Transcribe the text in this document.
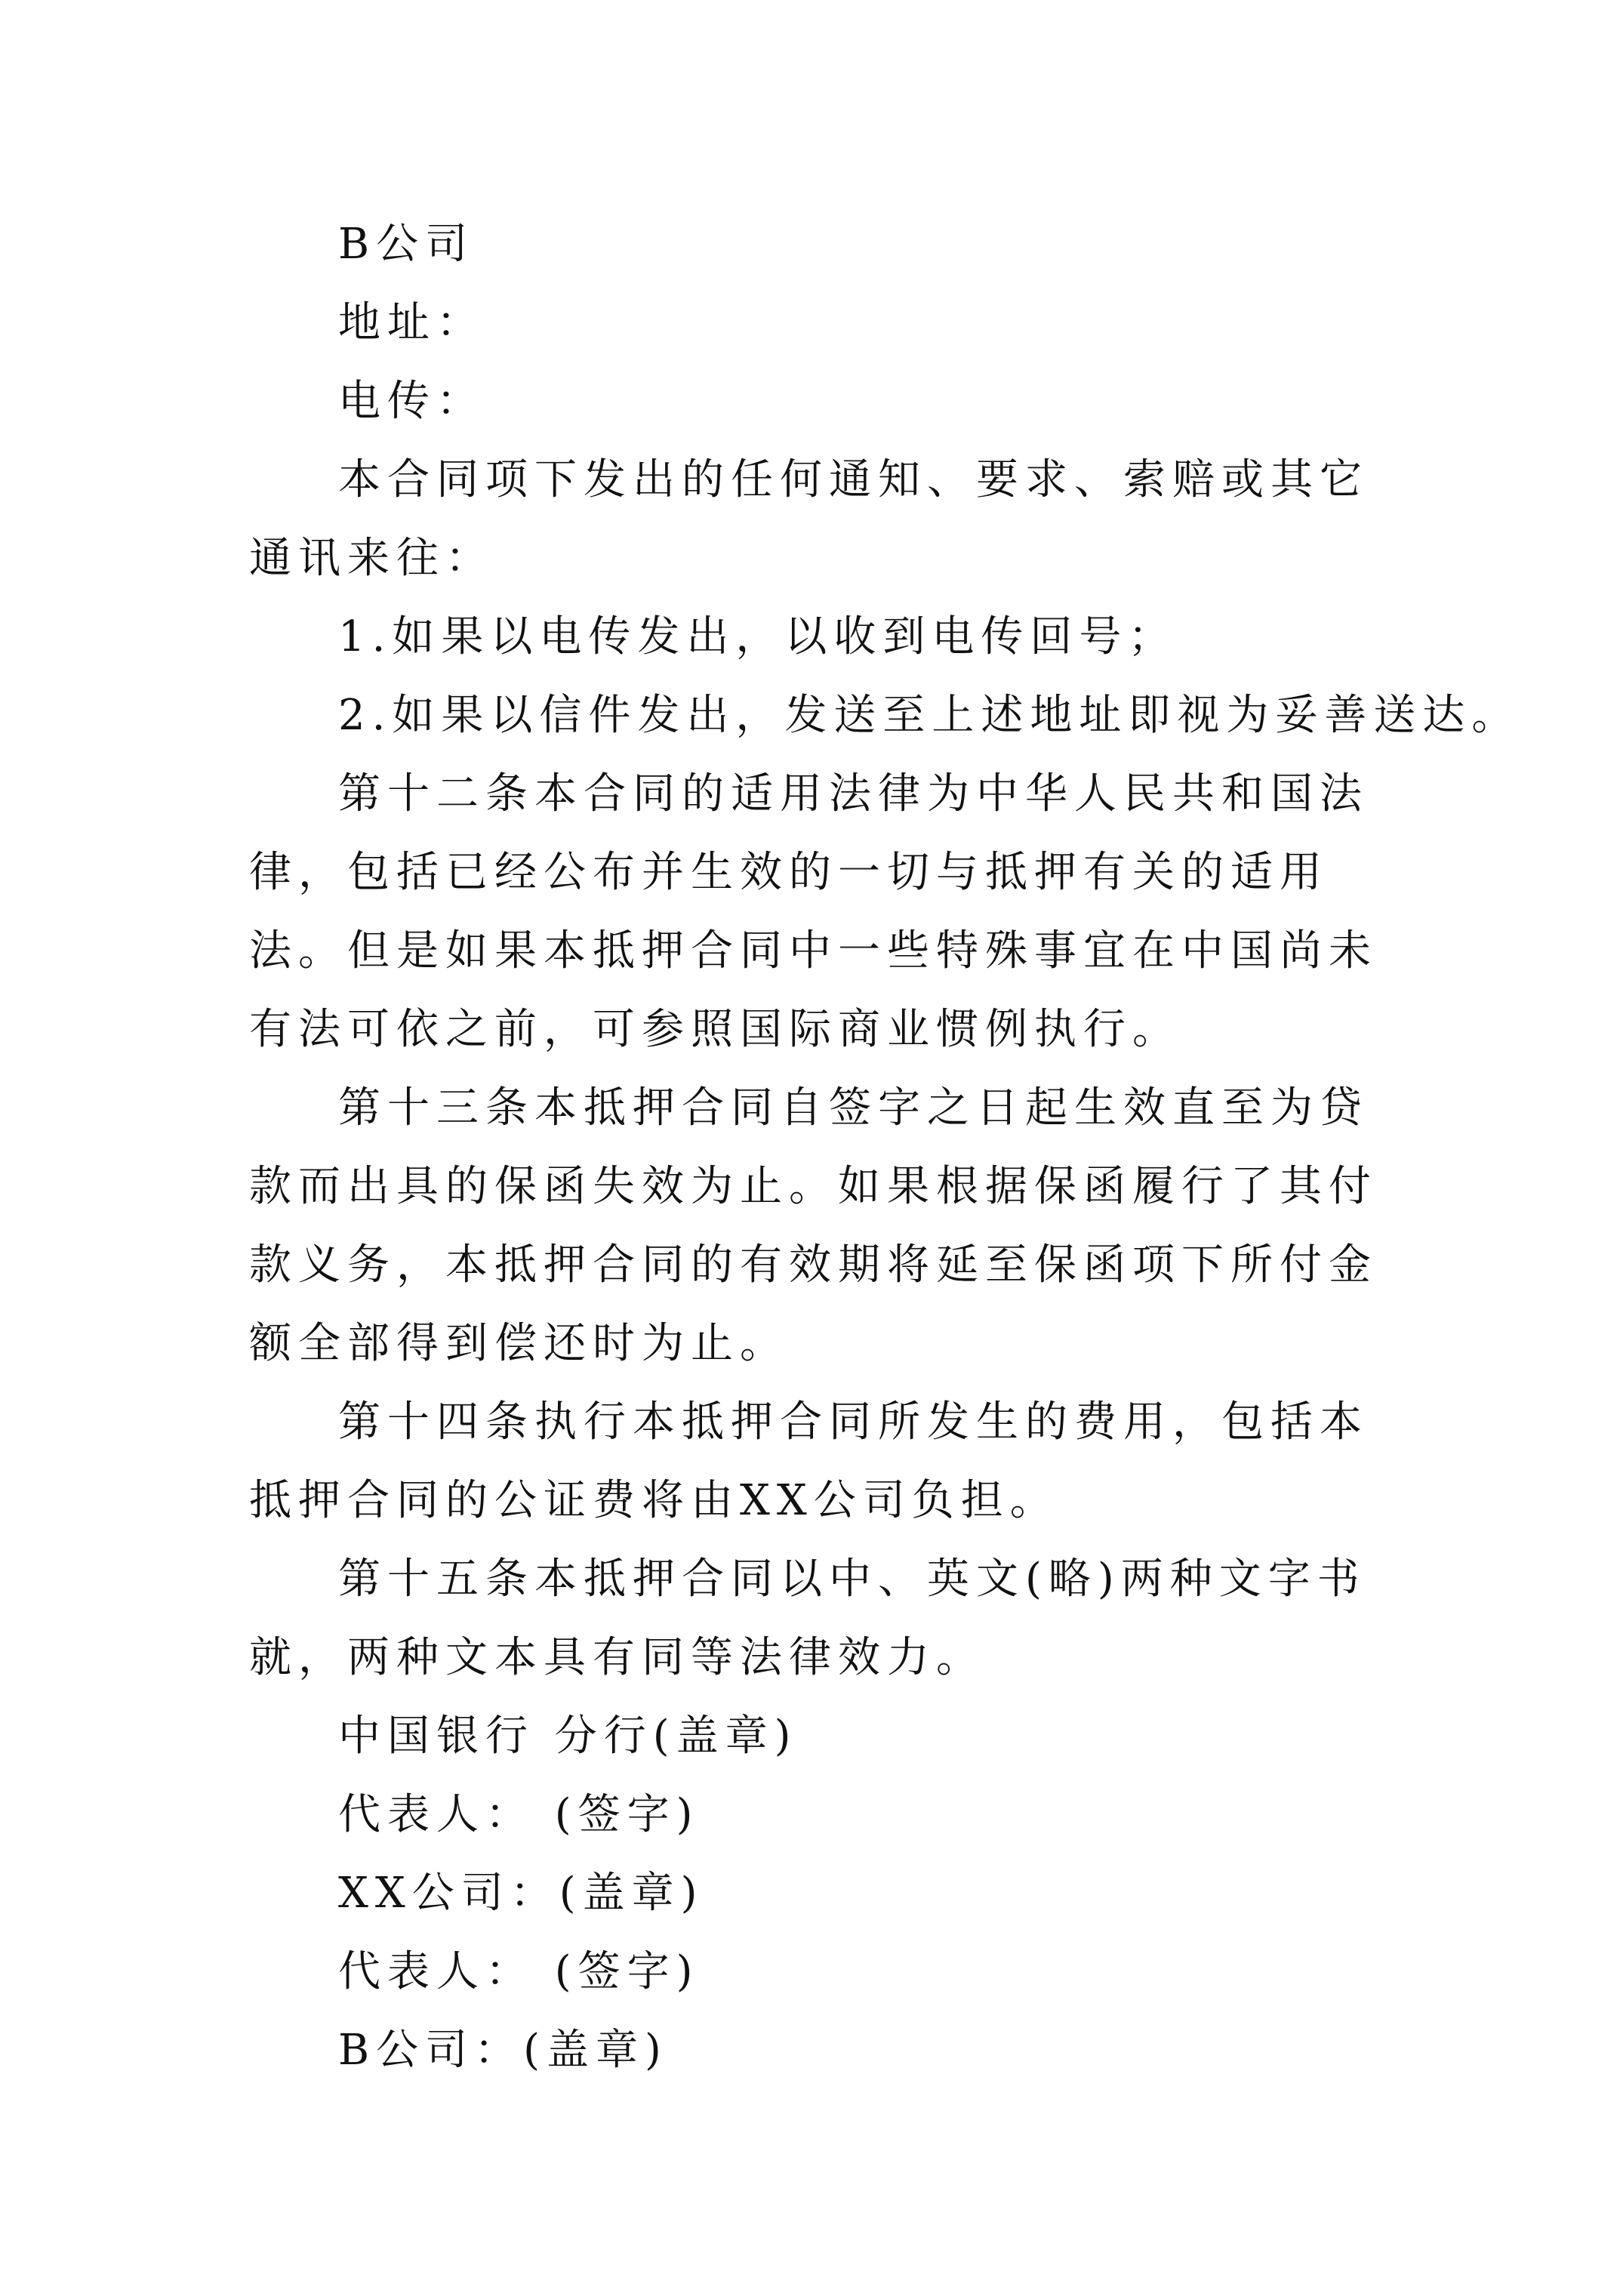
B公司

地址：

电传：

本合同项下发出的任何通知、要求、索赔或其它通讯来往：

1.如果以电传发出，以收到电传回号；

2.如果以信件发出，发送至上述地址即视为妥善送达。

第十二条本合同的适用法律为中华人民共和国法律，包括已经公布并生效的一切与抵押有关的适用法。但是如果本抵押合同中一些特殊事宜在中国尚未有法可依之前，可参照国际商业惯例执行。

第十三条本抵押合同自签字之日起生效直至为贷款而出具的保函失效为止。如果根据保函履行了其付款义务，本抵押合同的有效期将延至保函项下所付金额全部得到偿还时为止。

第十四条执行本抵押合同所发生的费用，包括本抵押合同的公证费将由XX公司负担。

第十五条本抵押合同以中、英文(略)两种文字书就，两种文本具有同等法律效力。

中国银行 分行(盖章)

代表人： (签字)

XX公司：(盖章)

代表人： (签字)

B公司：(盖章)
